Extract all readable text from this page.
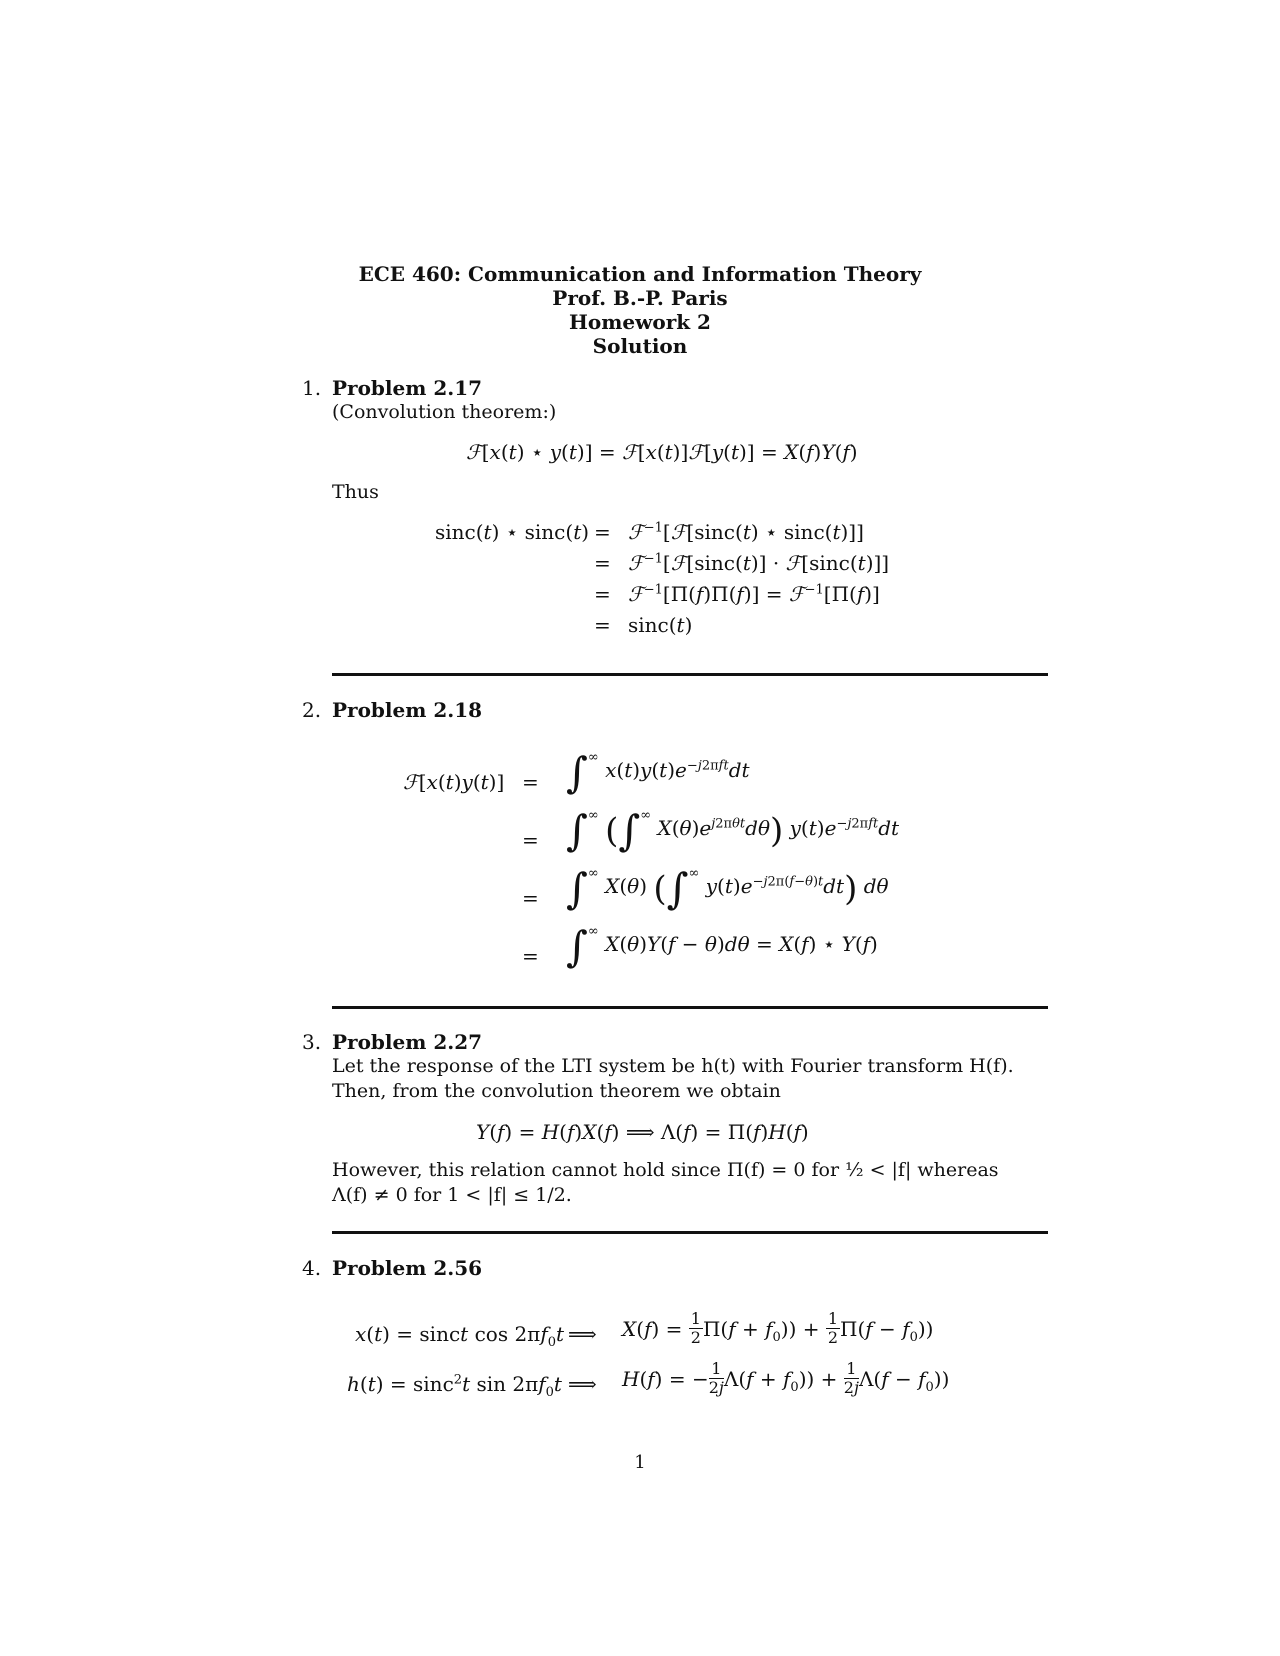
ECE 460: Communication and Information Theory
Prof. B.-P. Paris
Homework 2
Solution
1. Problem 2.17
(Convolution theorem:)
ℱ[x(t) ⋆ y(t)] = ℱ[x(t)]ℱ[y(t)] = X(f)Y(f)
Thus
sinc(t) ⋆ sinc(t) = ℱ$^{-1}$[ℱ[sinc(t) ⋆ sinc(t)]]
= ℱ$^{-1}$[ℱ[sinc(t)] · ℱ[sinc(t)]]
= ℱ$^{-1}$[Π(f)Π(f)] = ℱ$^{-1}$[Π(f)]
= sinc(t)
2. Problem 2.18
ℱ[x(t)y(t)] = ∫∞ $x(t)y(t)e^{-j2\pi ft}dt$
= ∫∞ (∫∞ $X(\theta)e^{j2\pi\theta t}d\theta$) $y(t)e^{-j2\pi ft}dt$
= ∫∞ X(θ) (∫∞ $y(t)e^{-j2\pi(f-\theta)t}dt$) dθ
= ∫∞ X(θ)Y(f − θ)dθ = X(f) ⋆ Y(f)
3. Problem 2.27
Let the response of the LTI system be h(t) with Fourier transform H(f).
Then, from the convolution theorem we obtain
Y(f) = H(f)X(f) ⟹ Λ(f) = Π(f)H(f)
However, this relation cannot hold since Π(f) = 0 for ½ < |f| whereas
Λ(f) ≠ 0 for 1 < |f| ≤ 1/2.
4. Problem 2.56
x(t) = sinct $\cos 2\pi f_0t$ ⟹ $X(f) = \frac{1}{2} \Pi(f + f_0)) + \frac{1}{2} \Pi(f - f_0)$)
h(t) = sinc$^2$t $\sin 2\pi f_0t$ ⟹ H(f) = − $\frac{1}{2j} \Lambda(f + f_0)) + \frac{1}{2j} \Lambda(f - f_0)$)
1
